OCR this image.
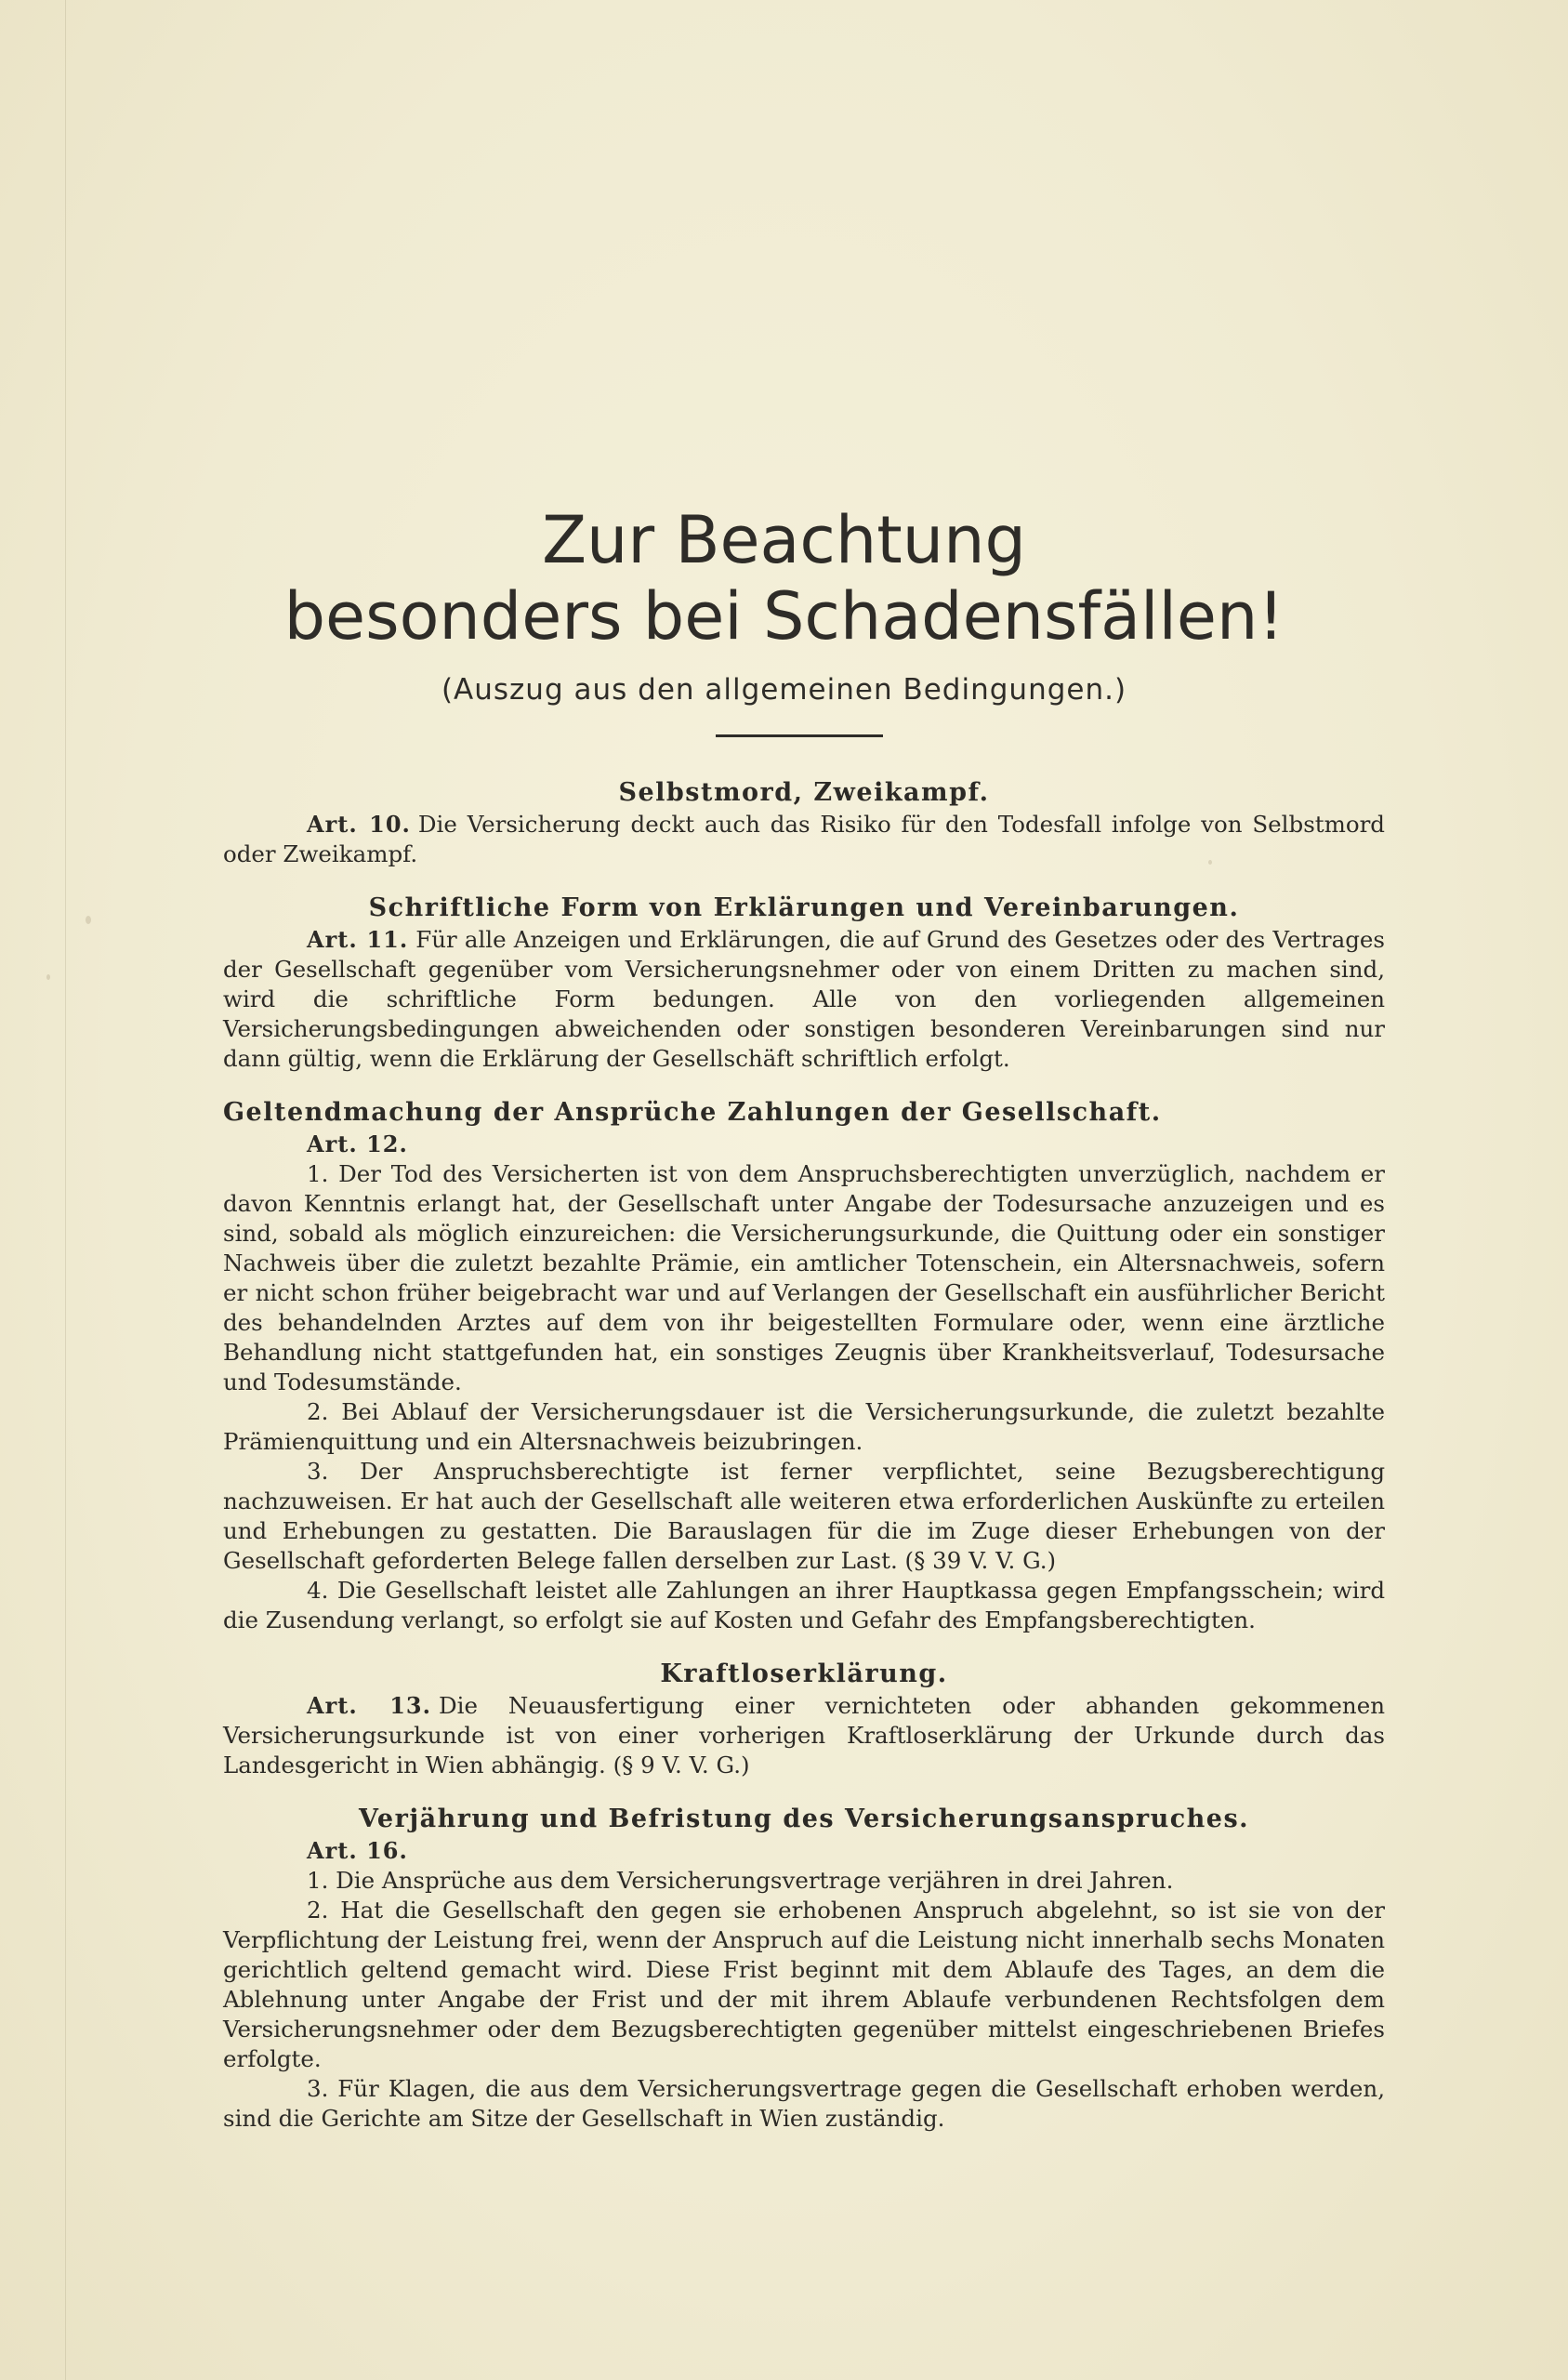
Zur Beachtung
besonders bei Schadensfällen!
(Auszug aus den allgemeinen Bedingungen.)

Selbstmord, Zweikampf.

Art. 10. Die Versicherung deckt auch das Risiko für den Todesfall infolge von Selbstmord oder Zweikampf.

Schriftliche Form von Erklärungen und Vereinbarungen.

Art. 11. Für alle Anzeigen und Erklärungen, die auf Grund des Gesetzes oder des Vertrages der Gesellschaft gegenüber vom Versicherungsnehmer oder von einem Dritten zu machen sind, wird die schriftliche Form bedungen. Alle von den vorliegenden allgemeinen Versicherungsbedingungen abweichenden oder sonstigen besonderen Vereinbarungen sind nur dann gültig, wenn die Erklärung der Gesellschäft schriftlich erfolgt.

Geltendmachung der Ansprüche Zahlungen der Gesellschaft.

Art. 12.

1. Der Tod des Versicherten ist von dem Anspruchsberechtigten unverzüglich, nachdem er davon Kenntnis erlangt hat, der Gesellschaft unter Angabe der Todesursache anzuzeigen und es sind, sobald als möglich einzureichen: die Versicherungsurkunde, die Quittung oder ein sonstiger Nachweis über die zuletzt bezahlte Prämie, ein amtlicher Totenschein, ein Altersnachweis, sofern er nicht schon früher beigebracht war und auf Verlangen der Gesellschaft ein ausführlicher Bericht des behandelnden Arztes auf dem von ihr beigestellten Formulare oder, wenn eine ärztliche Behandlung nicht stattgefunden hat, ein sonstiges Zeugnis über Krankheitsverlauf, Todesursache und Todesumstände.

2. Bei Ablauf der Versicherungsdauer ist die Versicherungsurkunde, die zuletzt bezahlte Prämienquittung und ein Altersnachweis beizubringen.

3. Der Anspruchsberechtigte ist ferner verpflichtet, seine Bezugsberechtigung nachzuweisen. Er hat auch der Gesellschaft alle weiteren etwa erforderlichen Auskünfte zu erteilen und Erhebungen zu gestatten. Die Barauslagen für die im Zuge dieser Erhebungen von der Gesellschaft geforderten Belege fallen derselben zur Last. (§ 39 V. V. G.)

4. Die Gesellschaft leistet alle Zahlungen an ihrer Hauptkassa gegen Empfangsschein; wird die Zusendung verlangt, so erfolgt sie auf Kosten und Gefahr des Empfangsberechtigten.

Kraftloserklärung.

Art. 13. Die Neuausfertigung einer vernichteten oder abhanden gekommenen Versicherungsurkunde ist von einer vorherigen Kraftloserklärung der Urkunde durch das Landesgericht in Wien abhängig. (§ 9 V. V. G.)

Verjährung und Befristung des Versicherungsanspruches.

Art. 16.

1. Die Ansprüche aus dem Versicherungsvertrage verjähren in drei Jahren.

2. Hat die Gesellschaft den gegen sie erhobenen Anspruch abgelehnt, so ist sie von der Verpflichtung der Leistung frei, wenn der Anspruch auf die Leistung nicht innerhalb sechs Monaten gerichtlich geltend gemacht wird. Diese Frist beginnt mit dem Ablaufe des Tages, an dem die Ablehnung unter Angabe der Frist und der mit ihrem Ablaufe verbundenen Rechtsfolgen dem Versicherungsnehmer oder dem Bezugsberechtigten gegenüber mittelst eingeschriebenen Briefes erfolgte.

3. Für Klagen, die aus dem Versicherungsvertrage gegen die Gesellschaft erhoben werden, sind die Gerichte am Sitze der Gesellschaft in Wien zuständig.
